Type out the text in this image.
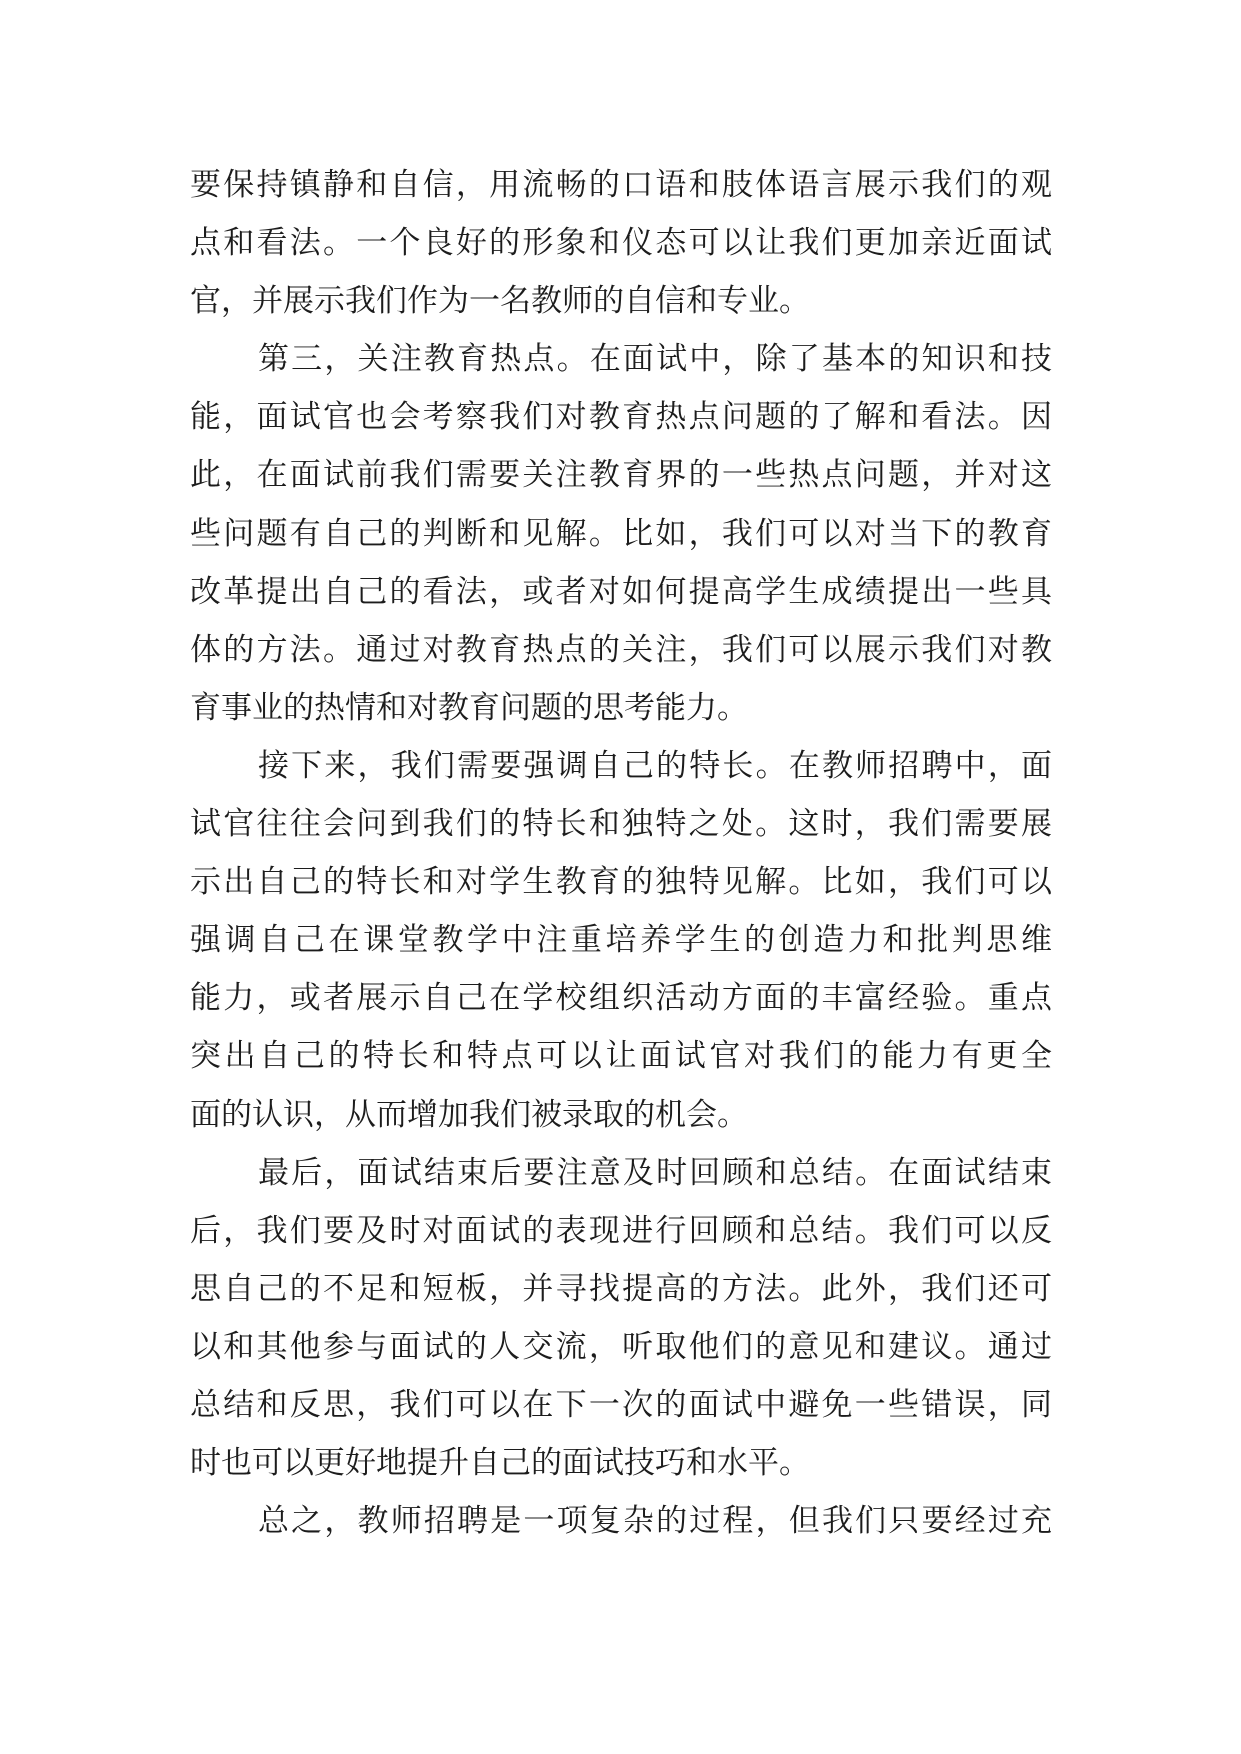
要保持镇静和自信，用流畅的口语和肢体语言展示我们的观
点和看法。一个良好的形象和仪态可以让我们更加亲近面试
官，并展示我们作为一名教师的自信和专业。
第三，关注教育热点。在面试中，除了基本的知识和技
能，面试官也会考察我们对教育热点问题的了解和看法。因
此，在面试前我们需要关注教育界的一些热点问题，并对这
些问题有自己的判断和见解。比如，我们可以对当下的教育
改革提出自己的看法，或者对如何提高学生成绩提出一些具
体的方法。通过对教育热点的关注，我们可以展示我们对教
育事业的热情和对教育问题的思考能力。
接下来，我们需要强调自己的特长。在教师招聘中，面
试官往往会问到我们的特长和独特之处。这时，我们需要展
示出自己的特长和对学生教育的独特见解。比如，我们可以
强调自己在课堂教学中注重培养学生的创造力和批判思维
能力，或者展示自己在学校组织活动方面的丰富经验。重点
突出自己的特长和特点可以让面试官对我们的能力有更全
面的认识，从而增加我们被录取的机会。
最后，面试结束后要注意及时回顾和总结。在面试结束
后，我们要及时对面试的表现进行回顾和总结。我们可以反
思自己的不足和短板，并寻找提高的方法。此外，我们还可
以和其他参与面试的人交流，听取他们的意见和建议。通过
总结和反思，我们可以在下一次的面试中避免一些错误，同
时也可以更好地提升自己的面试技巧和水平。
总之，教师招聘是一项复杂的过程，但我们只要经过充
